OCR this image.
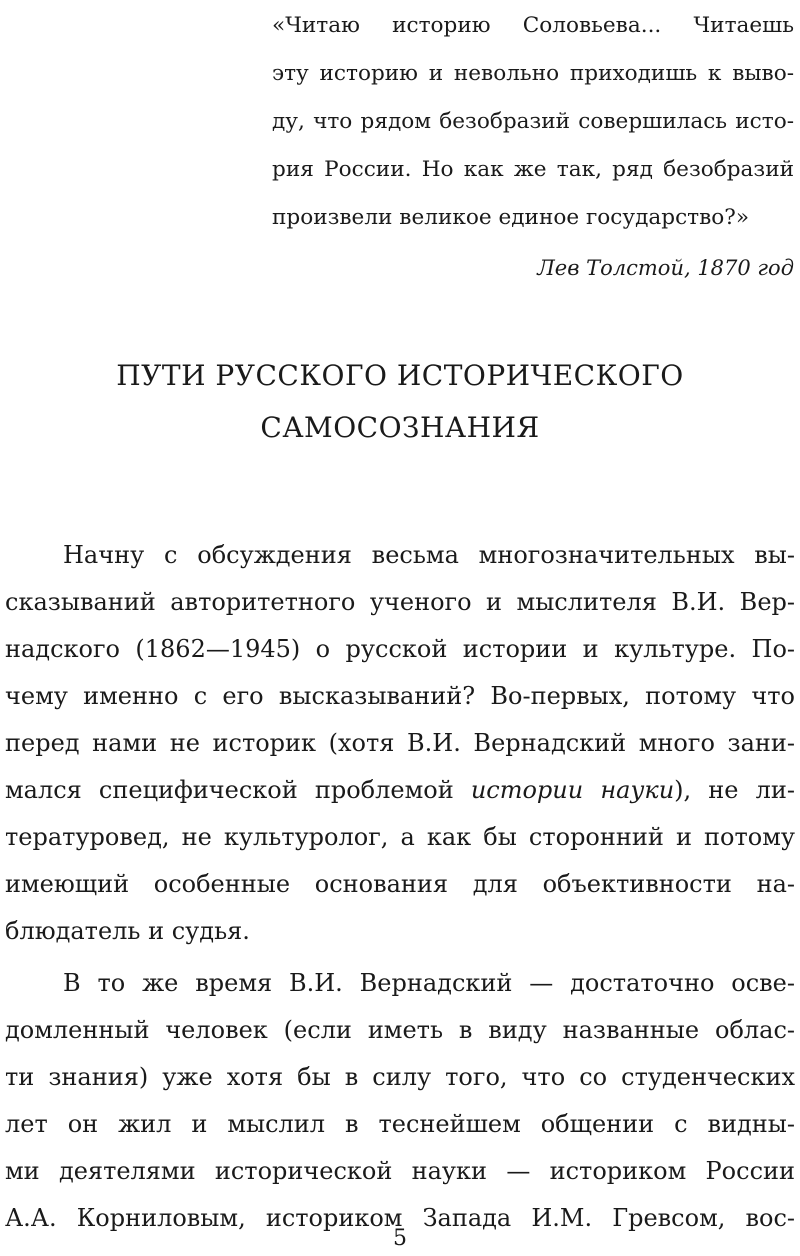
«Читаю историю Соловьева... Читаешь
эту историю и невольно приходишь к выво-
ду, что рядом безобразий совершилась исто-
рия России. Но как же так, ряд безобразий
произвели великое единое государство?»
Лев Толстой, 1870 год
ПУТИ РУССКОГО ИСТОРИЧЕСКОГО
САМОСОЗНАНИЯ
Начну с обсуждения весьма многозначительных вы-
сказываний авторитетного ученого и мыслителя В.И. Вер-
надского (1862—1945) о русской истории и культуре. По-
чему именно с его высказываний? Во-первых, потому что
перед нами не историк (хотя В.И. Вернадский много зани-
мался специфической проблемой истории науки), не ли-
тературовед, не культуролог, а как бы сторонний и потому
имеющий особенные основания для объективности на-
блюдатель и судья.
В то же время В.И. Вернадский — достаточно осве-
домленный человек (если иметь в виду названные облас-
ти знания) уже хотя бы в силу того, что со студенческих
лет он жил и мыслил в теснейшем общении с видны-
ми деятелями исторической науки — историком России
А.А. Корниловым, историком Запада И.М. Гревсом, вос-
5
